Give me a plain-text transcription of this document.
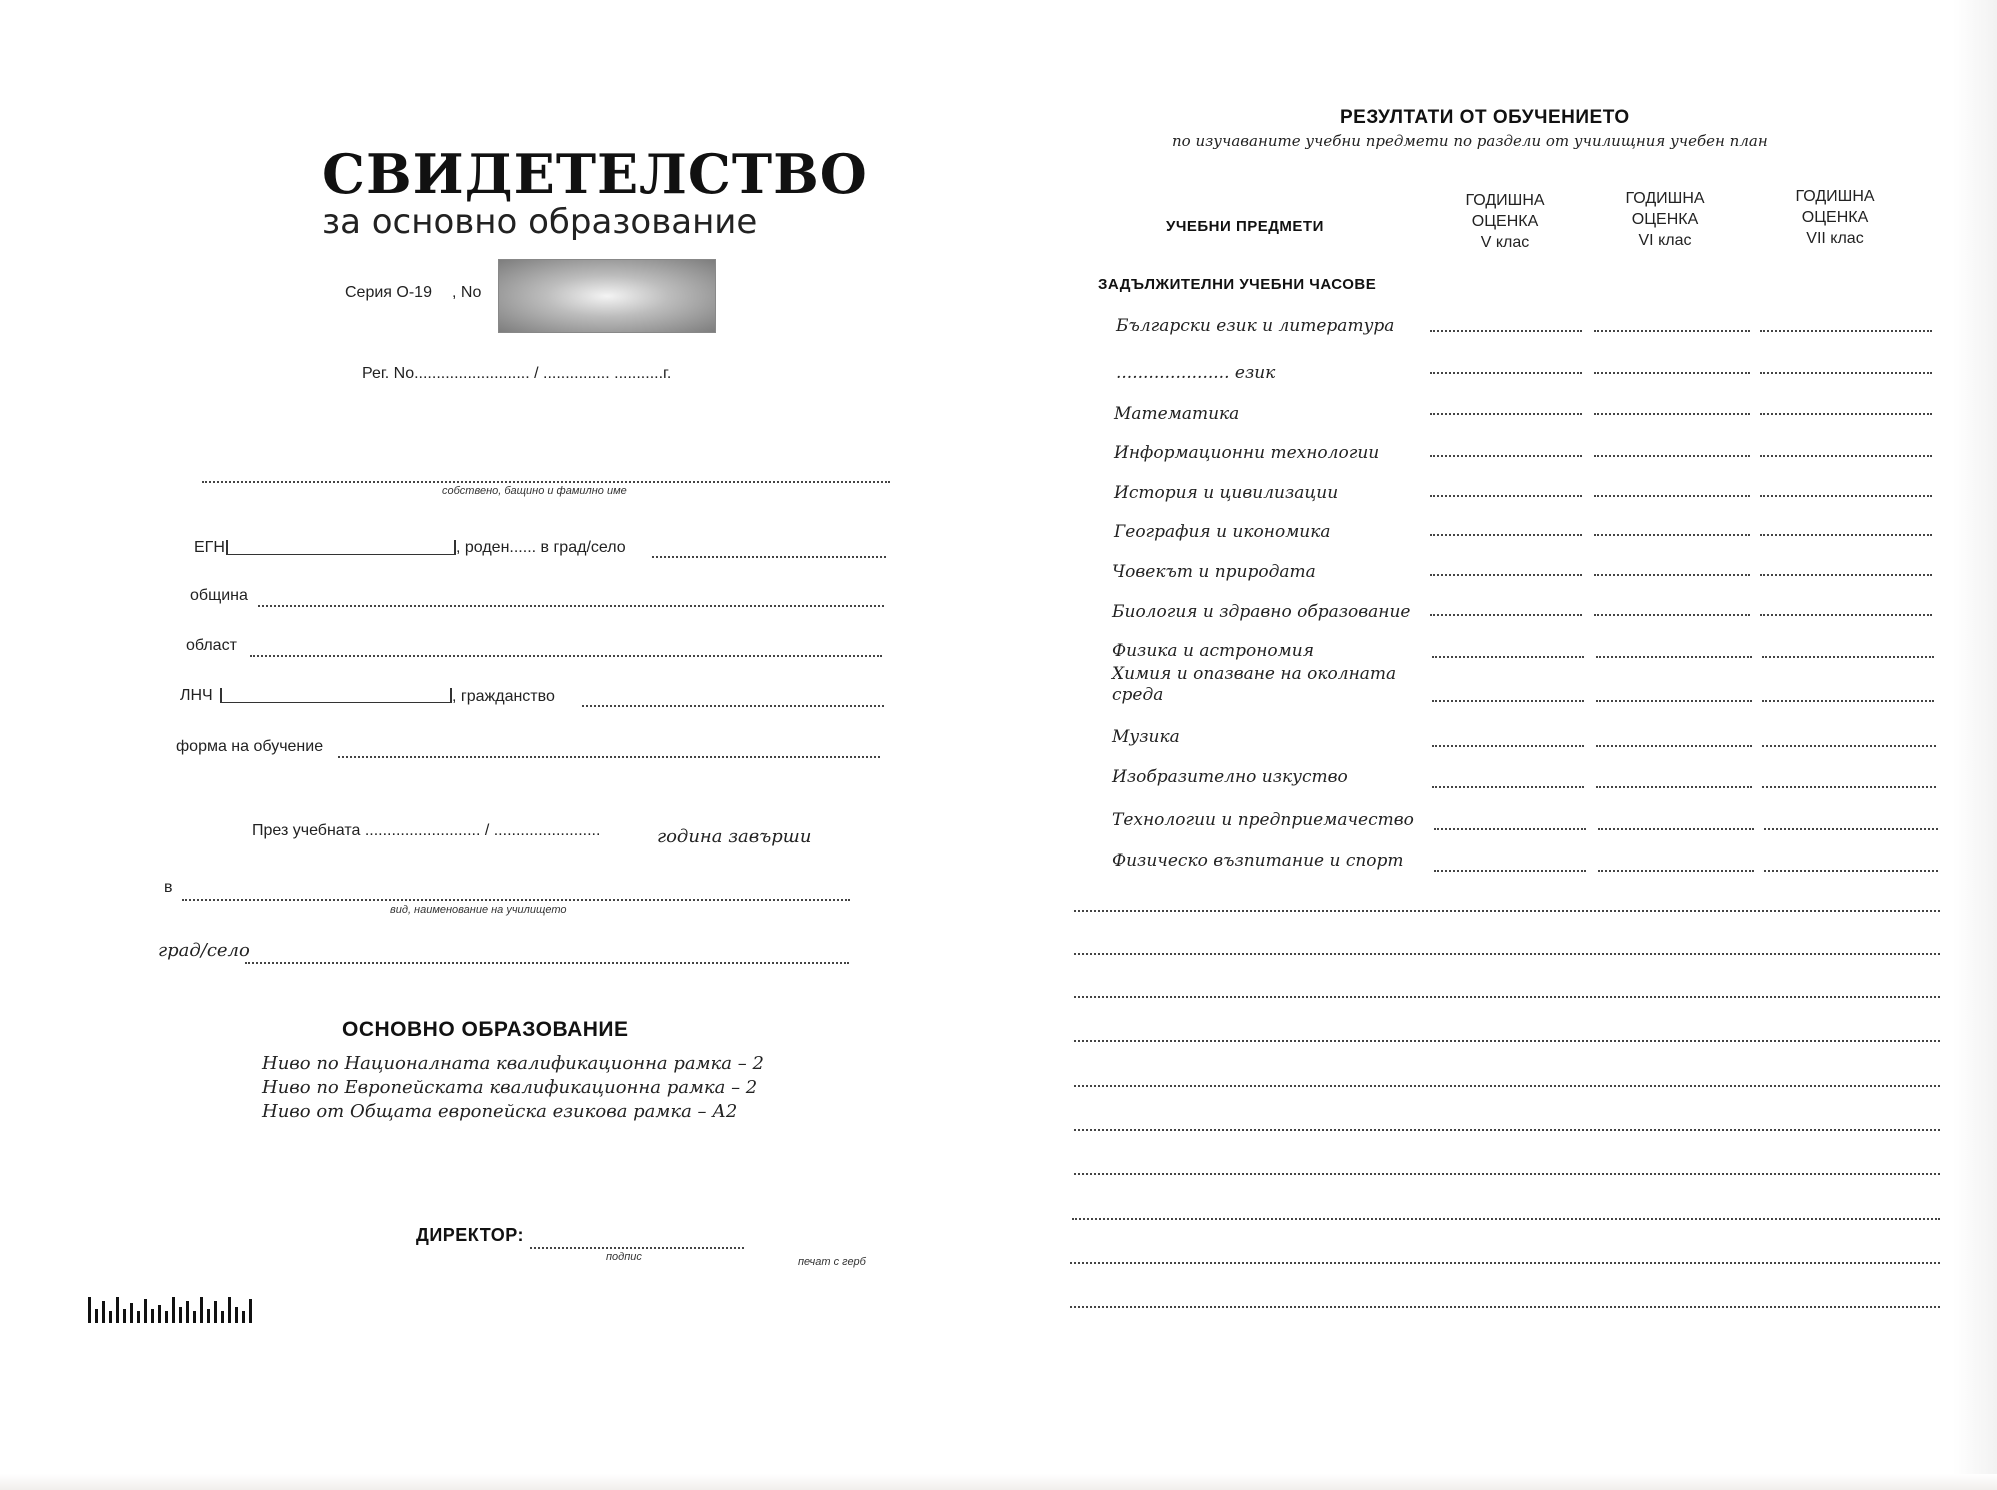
СВИДЕТЕЛСТВО
за основно образование
Серия О-19 , No
Рег. No.......................... / ............... ...........г.
собствено, бащино и фамилно име
ЕГН	, роден...... в град/село
община
област
ЛНЧ	, гражданство
форма на обучение
През учебната .......................... / ........................	година завърши
в
вид, наименование на училището
град/село
ОСНОВНО ОБРАЗОВАНИЕ
Ниво по Националната квалификационна рамка – 2
Ниво по Европейската квалификационна рамка – 2
Ниво от Общата европейска езикова рамка – А2
ДИРЕКТОР:
подпис	печат с герб
РЕЗУЛТАТИ ОТ ОБУЧЕНИЕТО
по изучаваните учебни предмети по раздели от училищния учебен план
УЧЕБНИ ПРЕДМЕТИ
ГОДИШНА
ОЦЕНКА
V клас
ГОДИШНА
ОЦЕНКА
VI клас
ГОДИШНА
ОЦЕНКА
VII клас
ЗАДЪЛЖИТЕЛНИ УЧЕБНИ ЧАСОВЕ
Български език и литература
..................... език
Математика
Информационни технологии
История и цивилизации
География и икономика
Човекът и природата
Биология и здравно образование
Физика и астрономия
Химия и опазване на околната среда
Музика
Изобразително изкуство
Технологии и предприемачество
Физическо възпитание и спорт
